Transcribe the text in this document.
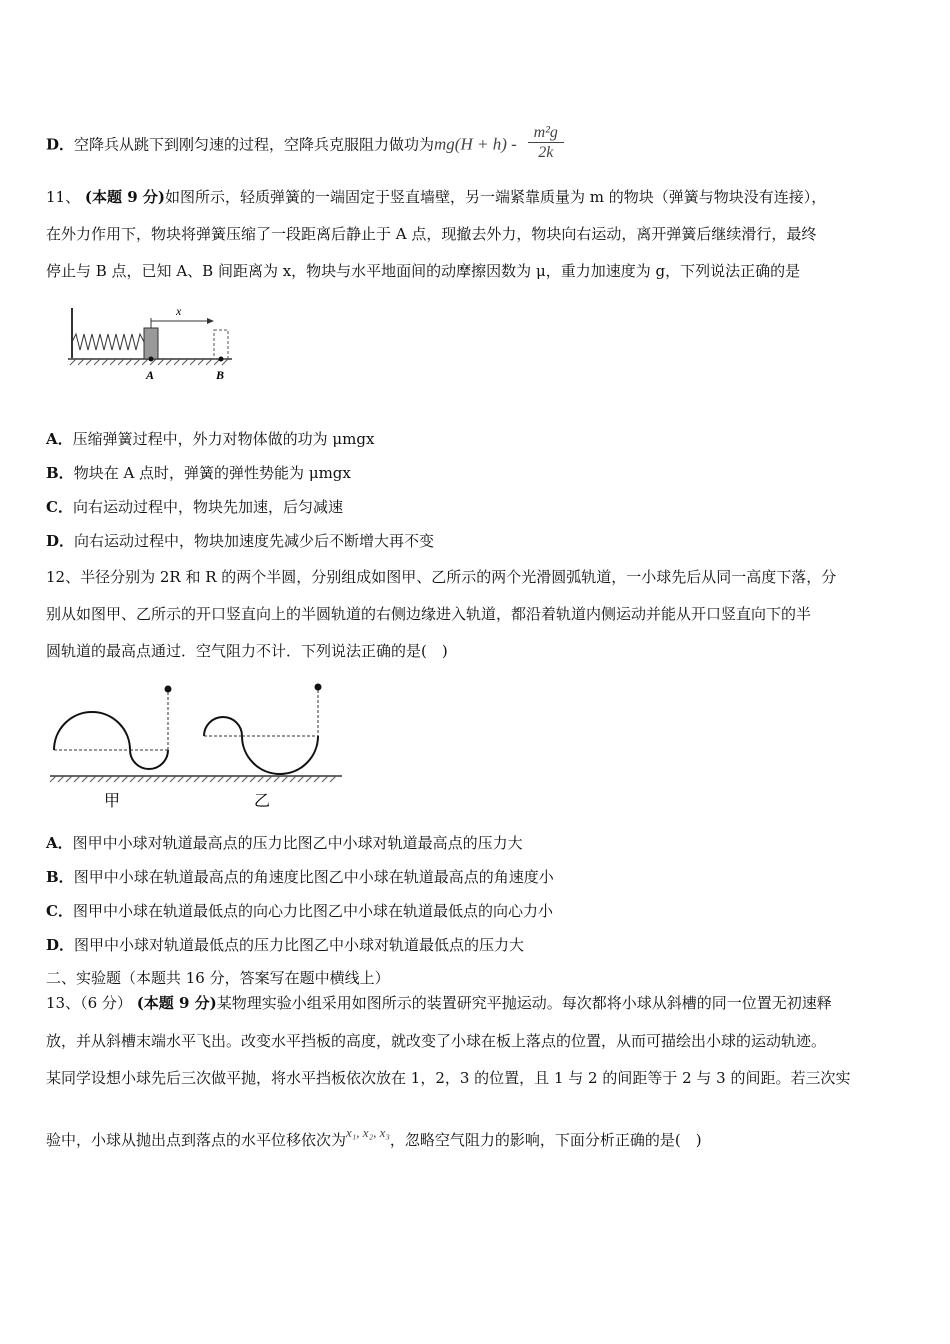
D．空降兵从跳下到刚匀速的过程，空降兵克服阻力做功为$mg(H + h) - \frac{\text{m²g}}{2k}$
11、 (本题 9 分)如图所示，轻质弹簧的一端固定于竖直墙壁，另一端紧靠质量为 m 的物块（弹簧与物块没有连接），
在外力作用下，物块将弹簧压缩了一段距离后静止于 A 点，现撤去外力，物块向右运动，离开弹簧后继续滑行，最终
停止与 B 点，已知 A、B 间距离为 x，物块与水平地面间的动摩擦因数为 μ，重力加速度为 g，下列说法正确的是
x
A	B
A．压缩弹簧过程中，外力对物体做的功为 μmgx
B．物块在 A 点时，弹簧的弹性势能为 μmgx
C．向右运动过程中，物块先加速，后匀减速
D．向右运动过程中，物块加速度先减少后不断增大再不变
12、半径分别为 2R 和 R 的两个半圆，分别组成如图甲、乙所示的两个光滑圆弧轨道，一小球先后从同一高度下落，分
别从如图甲、乙所示的开口竖直向上的半圆轨道的右侧边缘进入轨道，都沿着轨道内侧运动并能从开口竖直向下的半
圆轨道的最高点通过．空气阻力不计．下列说法正确的是(　)
甲	乙
A．图甲中小球对轨道最高点的压力比图乙中小球对轨道最高点的压力大
B．图甲中小球在轨道最高点的角速度比图乙中小球在轨道最高点的角速度小
C．图甲中小球在轨道最低点的向心力比图乙中小球在轨道最低点的向心力小
D．图甲中小球对轨道最低点的压力比图乙中小球对轨道最低点的压力大
二、实验题（本题共 16 分，答案写在题中横线上）
13、（6 分） (本题 9 分)某物理实验小组采用如图所示的装置研究平抛运动。每次都将小球从斜槽的同一位置无初速释
放，并从斜槽末端水平飞出。改变水平挡板的高度，就改变了小球在板上落点的位置，从而可描绘出小球的运动轨迹。
某同学设想小球先后三次做平抛，将水平挡板依次放在 1，2，3 的位置，且 1 与 2 的间距等于 2 与 3 的间距。若三次实
验中，小球从抛出点到落点的水平位移依次为x₁, x₂, x₃，忽略空气阻力的影响，下面分析正确的是(　)
